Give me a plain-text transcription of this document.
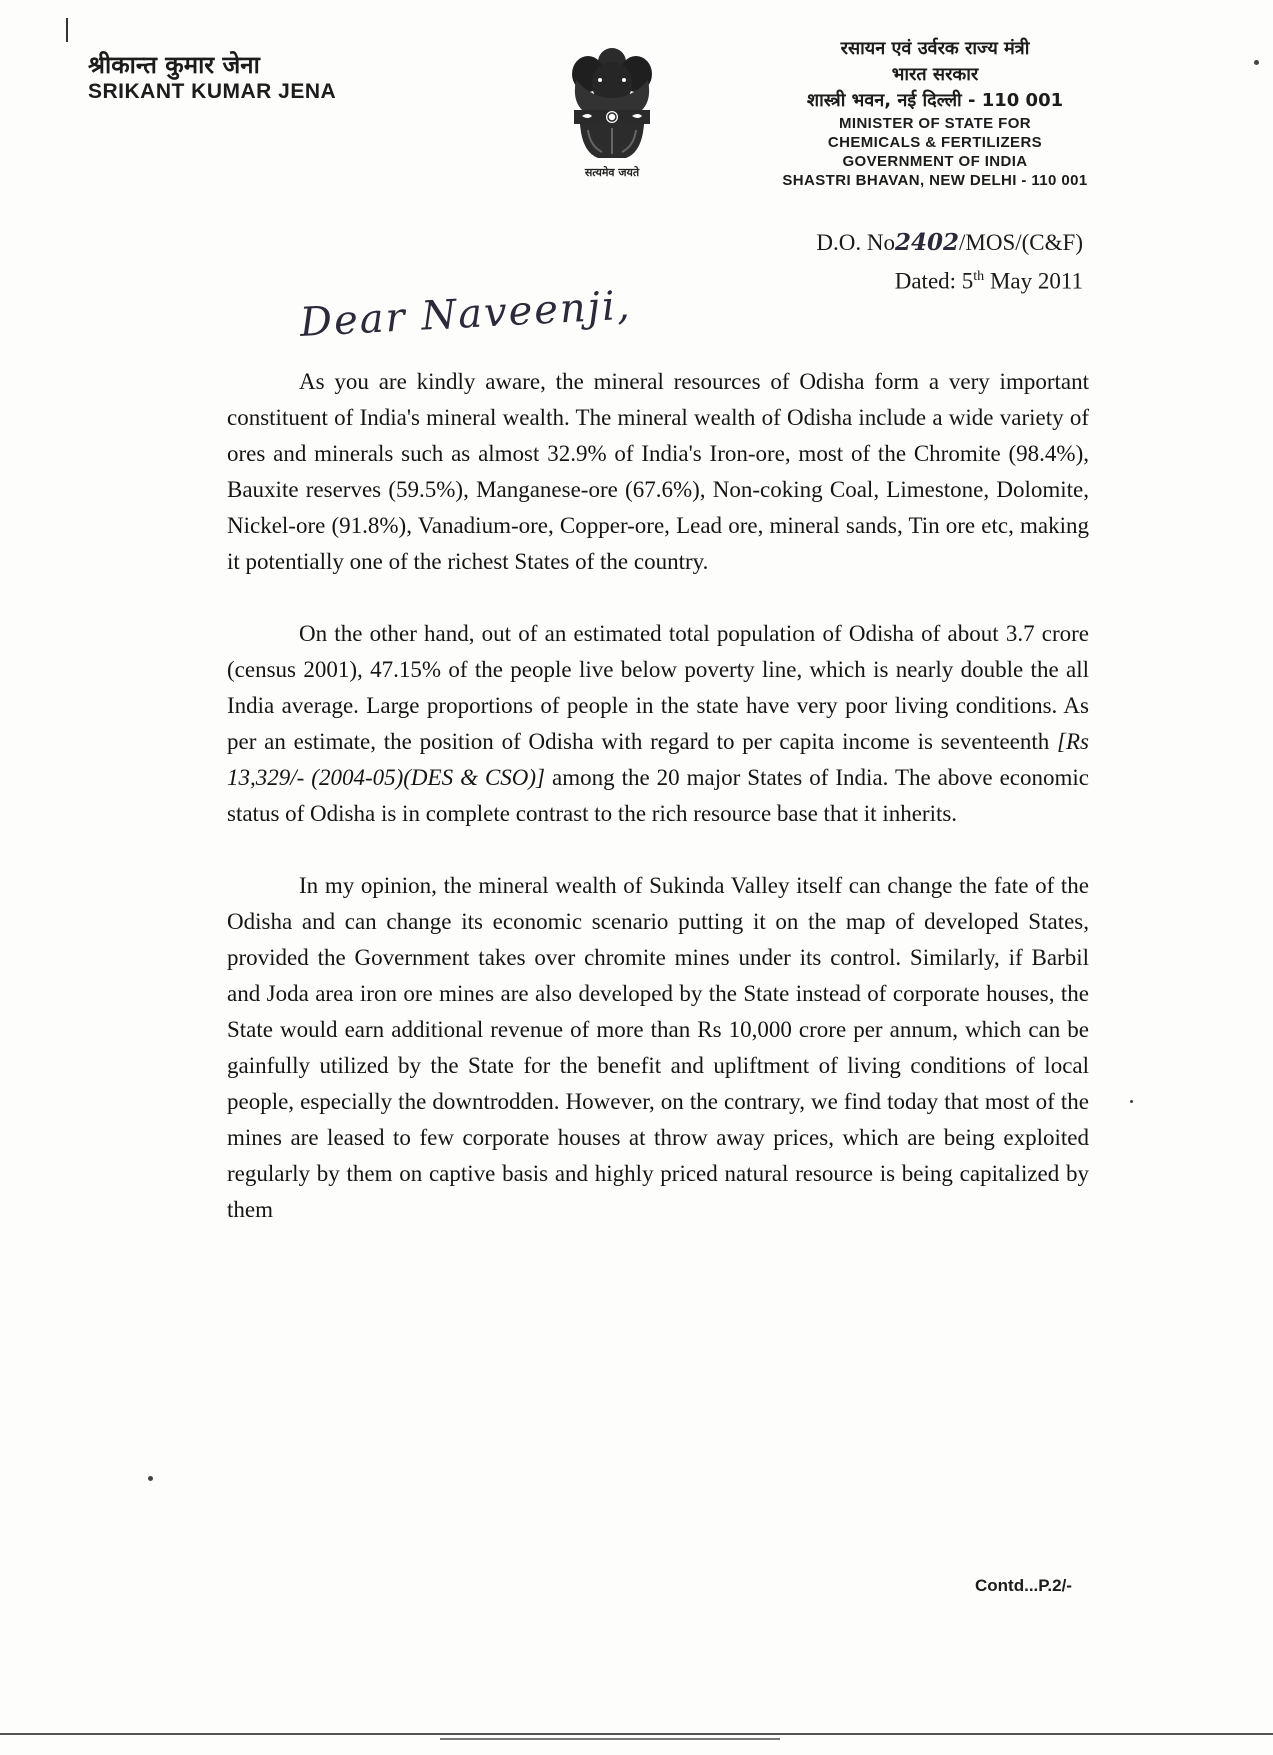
श्रीकान्त कुमार जेना
SRIKANT KUMAR JENA
सत्यमेव जयते
रसायन एवं उर्वरक राज्य मंत्री
भारत सरकार
शास्त्री भवन, नई दिल्ली - 110 001
MINISTER OF STATE FOR
CHEMICALS & FERTILIZERS
GOVERNMENT OF INDIA
SHASTRI BHAVAN, NEW DELHI - 110 001
D.O. No2402/MOS/(C&F)
Dated: 5th May 2011
Dear Naveenji,

As you are kindly aware, the mineral resources of Odisha form a very important constituent of India's mineral wealth. The mineral wealth of Odisha include a wide variety of ores and minerals such as almost 32.9% of India's Iron-ore, most of the Chromite (98.4%), Bauxite reserves (59.5%), Manganese-ore (67.6%), Non-coking Coal, Limestone, Dolomite, Nickel-ore (91.8%), Vanadium-ore, Copper-ore, Lead ore, mineral sands, Tin ore etc, making it potentially one of the richest States of the country.

On the other hand, out of an estimated total population of Odisha of about 3.7 crore (census 2001), 47.15% of the people live below poverty line, which is nearly double the all India average. Large proportions of people in the state have very poor living conditions. As per an estimate, the position of Odisha with regard to per capita income is seventeenth [Rs 13,329/- (2004-05)(DES & CSO)] among the 20 major States of India. The above economic status of Odisha is in complete contrast to the rich resource base that it inherits.

In my opinion, the mineral wealth of Sukinda Valley itself can change the fate of the Odisha and can change its economic scenario putting it on the map of developed States, provided the Government takes over chromite mines under its control. Similarly, if Barbil and Joda area iron ore mines are also developed by the State instead of corporate houses, the State would earn additional revenue of more than Rs 10,000 crore per annum, which can be gainfully utilized by the State for the benefit and upliftment of living conditions of local people, especially the downtrodden. However, on the contrary, we find today that most of the mines are leased to few corporate houses at throw away prices, which are being exploited regularly by them on captive basis and highly priced natural resource is being capitalized by them

Contd...P.2/-
